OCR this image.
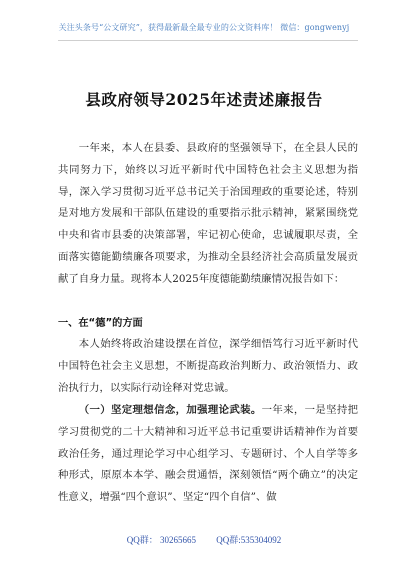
关注头条号“公文研究”，获得最新最全最专业的公文资料库！ 微信：gongwenyj
县政府领导2025年述责述廉报告

一年来，本人在县委、县政府的坚强领导下，在全县人民的共同努力下，始终以习近平新时代中国特色社会主义思想为指导，深入学习贯彻习近平总书记关于治国理政的重要论述，特别是对地方发展和干部队伍建设的重要指示批示精神，紧紧围绕党中央和省市县委的决策部署，牢记初心使命，忠诚履职尽责，全面落实德能勤绩廉各项要求，为推动全县经济社会高质量发展贡献了自身力量。现将本人2025年度德能勤绩廉情况报告如下：

一、在“德”的方面

本人始终将政治建设摆在首位，深学细悟笃行习近平新时代中国特色社会主义思想，不断提高政治判断力、政治领悟力、政治执行力，以实际行动诠释对党忠诚。

（一）坚定理想信念，加强理论武装。一年来，一是坚持把学习贯彻党的二十大精神和习近平总书记重要讲话精神作为首要政治任务，通过理论学习中心组学习、专题研讨、个人自学等多种形式，原原本本学、融会贯通悟，深刻领悟“两个确立”的决定性意义，增强“四个意识”、坚定“四个自信”、做

QQ群： 30265665 QQ群:535304092
